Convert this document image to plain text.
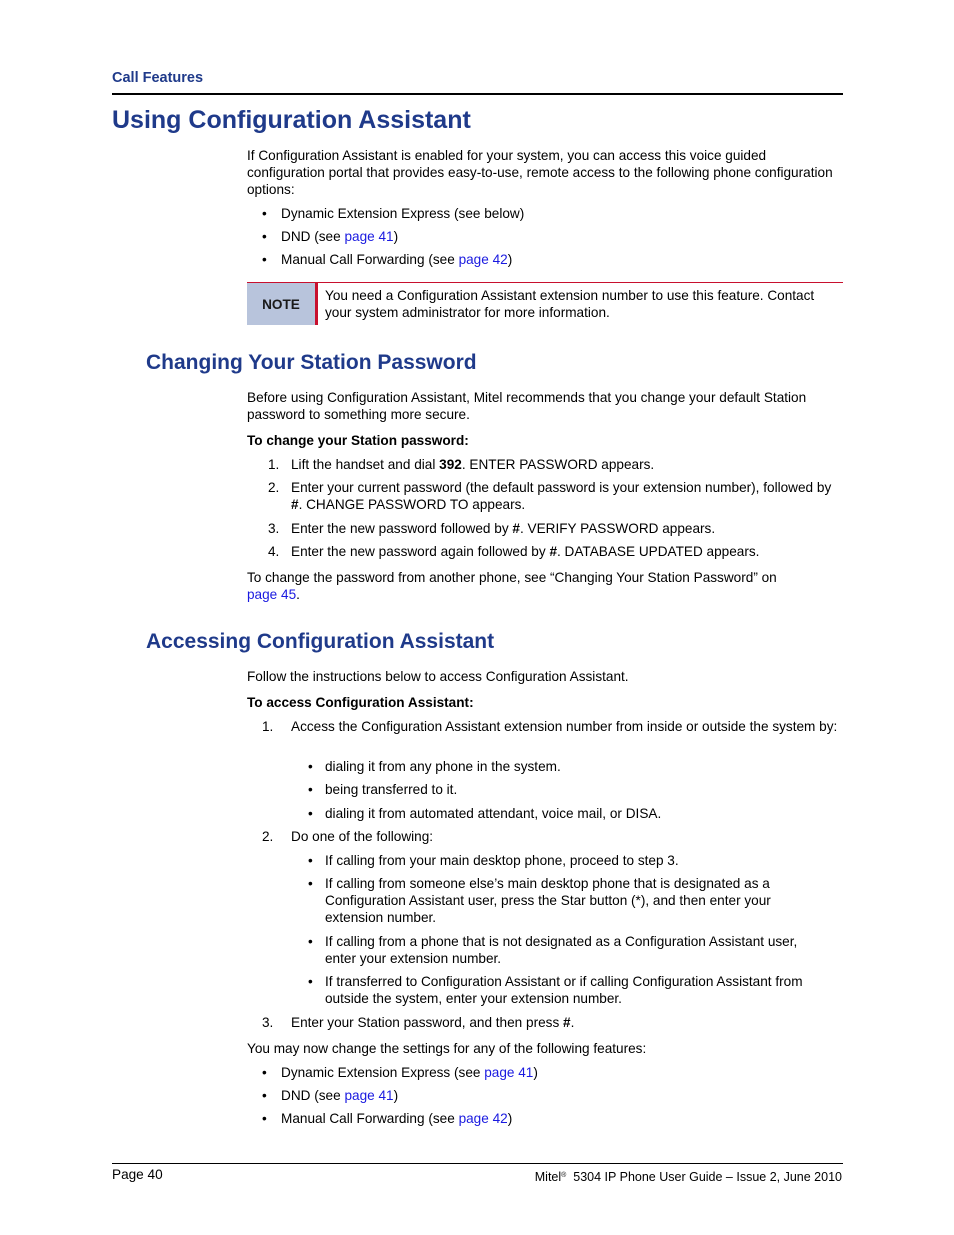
Call Features
Using Configuration Assistant

If Configuration Assistant is enabled for your system, you can access this voice guided configuration portal that provides easy-to-use, remote access to the following phone configuration options:

• Dynamic Extension Express (see below)
• DND (see page 41)
• Manual Call Forwarding (see page 42)
NOTE
You need a Configuration Assistant extension number to use this feature. Contact your system administrator for more information.
Changing Your Station Password

Before using Configuration Assistant, Mitel recommends that you change your default Station password to something more secure.

To change your Station password:
1. Lift the handset and dial 392. ENTER PASSWORD appears.
2. Enter your current password (the default password is your extension number), followed by #. CHANGE PASSWORD TO appears.
3. Enter the new password followed by #. VERIFY PASSWORD appears.
4. Enter the new password again followed by #. DATABASE UPDATED appears.
To change the password from another phone, see “Changing Your Station Password” on page 45.
Accessing Configuration Assistant
Follow the instructions below to access Configuration Assistant.
To access Configuration Assistant:
1. Access the Configuration Assistant extension number from inside or outside the system by:
• dialing it from any phone in the system.
• being transferred to it.
• dialing it from automated attendant, voice mail, or DISA.
2. Do one of the following:
• If calling from your main desktop phone, proceed to step 3.
• If calling from someone else’s main desktop phone that is designated as a Configuration Assistant user, press the Star button (*), and then enter your extension number.
• If calling from a phone that is not designated as a Configuration Assistant user, enter your extension number.
• If transferred to Configuration Assistant or if calling Configuration Assistant from outside the system, enter your extension number.
3. Enter your Station password, and then press #.
You may now change the settings for any of the following features:
• Dynamic Extension Express (see page 41)
• DND (see page 41)
• Manual Call Forwarding (see page 42)
Page 40	Mitel® 5304 IP Phone User Guide – Issue 2, June 2010
